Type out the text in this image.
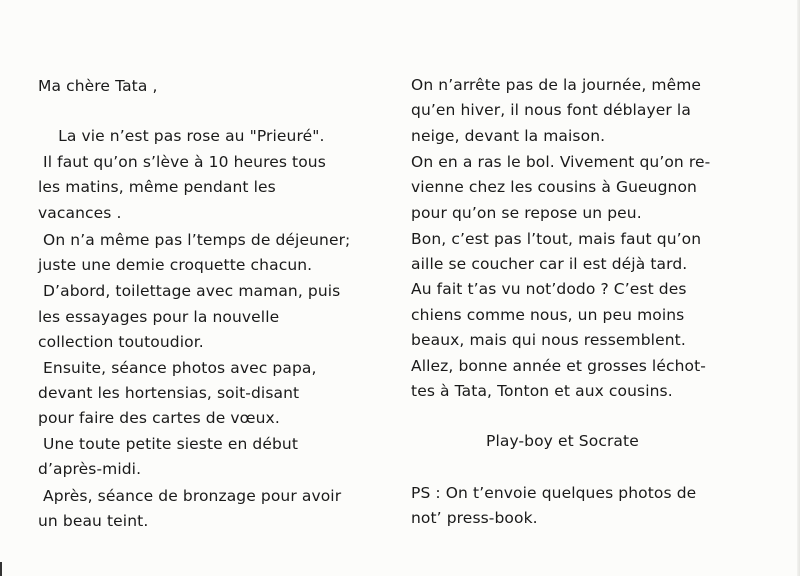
Ma chère Tata ,
La vie n’est pas rose au "Prieuré".
Il faut qu’on s’lève à 10 heures tous
les matins, même pendant les
vacances .
On n’a même pas l’temps de déjeuner;
juste une demie croquette chacun.
D’abord, toilettage avec maman, puis
les essayages pour la nouvelle
collection toutoudior.
Ensuite, séance photos avec papa,
devant les hortensias, soit-disant
pour faire des cartes de vœux.
Une toute petite sieste en début
d’après-midi.
Après, séance de bronzage pour avoir
un beau teint.
On n’arrête pas de la journée, même
qu’en hiver, il nous font déblayer la
neige, devant la maison.
On en a ras le bol. Vivement qu’on re-
vienne chez les cousins à Gueugnon
pour qu’on se repose un peu.
Bon, c’est pas l’tout, mais faut qu’on
aille se coucher car il est déjà tard.
Au fait t’as vu not’dodo ? C’est des
chiens comme nous, un peu moins
beaux, mais qui nous ressemblent.
Allez, bonne année et grosses léchot-
tes à Tata, Tonton et aux cousins.
Play-boy et Socrate
PS : On t’envoie quelques photos de
not’ press-book.
